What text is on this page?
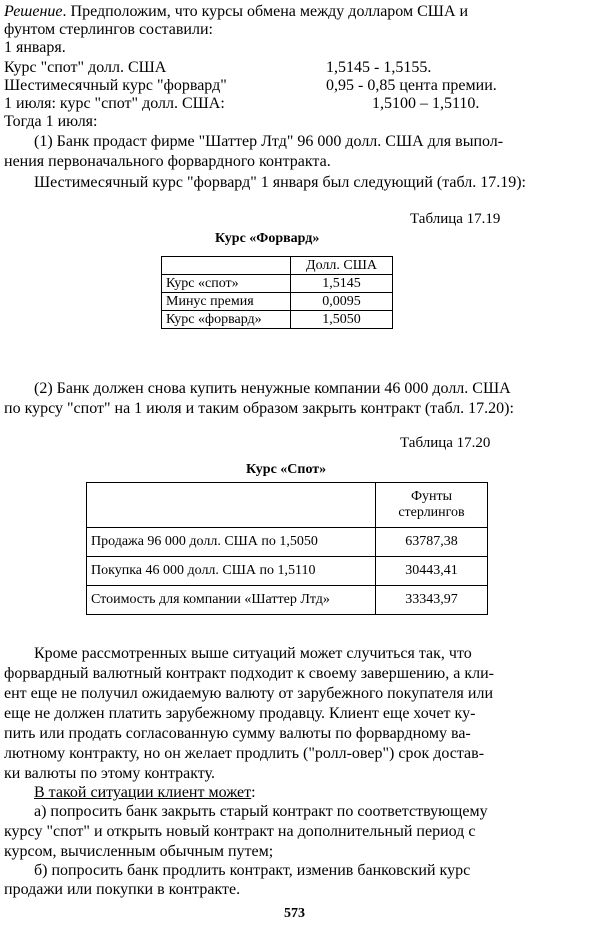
Решение. Предположим, что курсы обмена между долларом США и
фунтом стерлингов составили:
1 января.
Курс "спот" долл. США	1,5145 - 1,5155.
Шестимесячный курс "форвард"	0,95 - 0,85 цента премии.
1 июля: курс "спот" долл. США:	1,5100 – 1,5110.
Тогда 1 июля:
(1) Банк продаст фирме "Шаттер Лтд" 96 000 долл. США для выпол-
нения первоначального форвардного контракта.
Шестимесячный курс "форвард" 1 января был следующий (табл. 17.19):
Таблица 17.19
Курс «Форвард»
	Долл. США
Курс «спот»	1,5145
Минус премия	0,0095
Курс «форвард»	1,5050
(2) Банк должен снова купить ненужные компании 46 000 долл. США
по курсу "спот" на 1 июля и таким образом закрыть контракт (табл. 17.20):
Таблица 17.20
Курс «Спот»
	Фунты
стерлингов
Продажа 96 000 долл. США по 1,5050	63787,38
Покупка 46 000 долл. США по 1,5110	30443,41
Стоимость для компании «Шаттер Лтд»	33343,97
Кроме рассмотренных выше ситуаций может случиться так, что
форвардный валютный контракт подходит к своему завершению, а кли-
ент еще не получил ожидаемую валюту от зарубежного покупателя или
еще не должен платить зарубежному продавцу. Клиент еще хочет ку-
пить или продать согласованную сумму валюты по форвардному ва-
лютному контракту, но он желает продлить ("ролл-овер") срок достав-
ки валюты по этому контракту.
В такой ситуации клиент может:
а) попросить банк закрыть старый контракт по соответствующему
курсу "спот" и открыть новый контракт на дополнительный период с
курсом, вычисленным обычным путем;
б) попросить банк продлить контракт, изменив банковский курс
продажи или покупки в контракте.
573
